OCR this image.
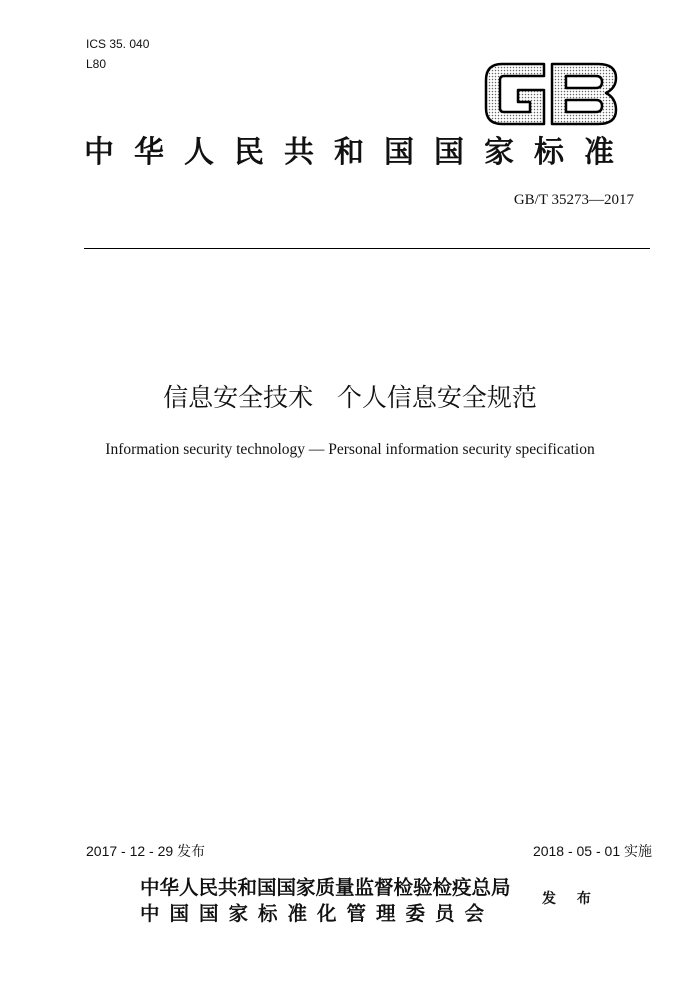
ICS 35. 040
L80
中华人民共和国国家标准
GB/T 35273—2017
信息安全技术   个人信息安全规范
Information security technology — Personal information security specification
2017 - 12 - 29 发布	2018 - 05 - 01 实施
中华人民共和国国家质量监督检验检疫总局
中国国家标准化管理委员会
发 布
